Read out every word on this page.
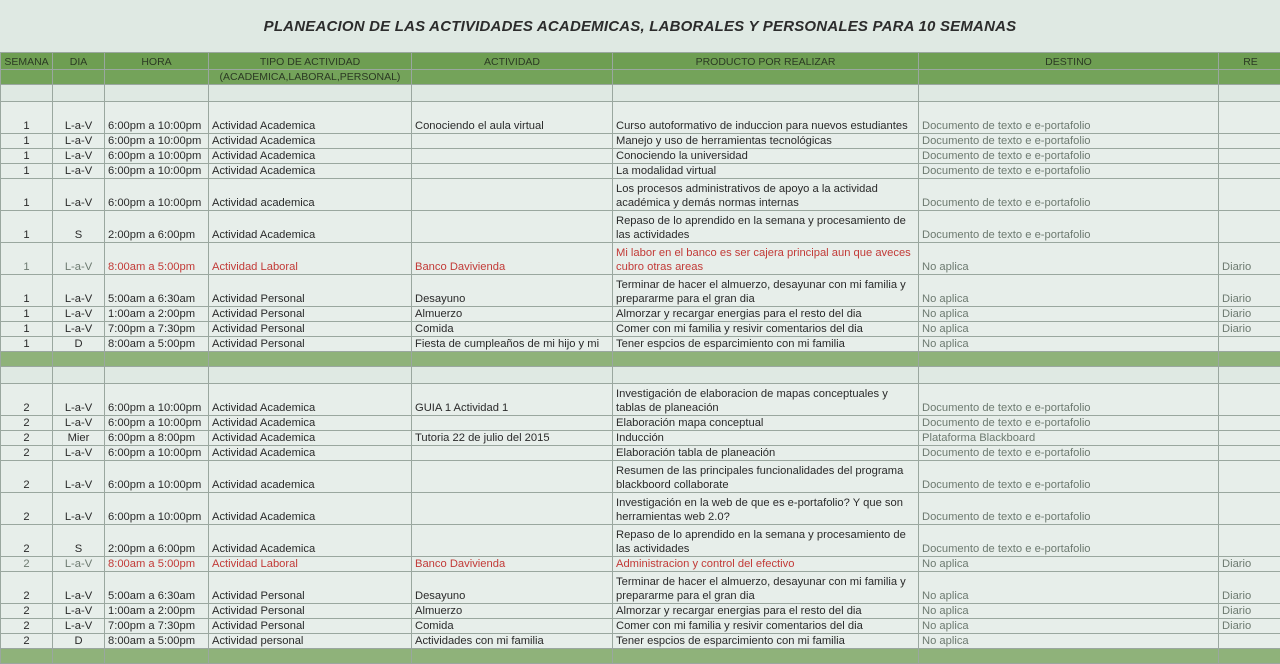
PLANEACION DE LAS ACTIVIDADES ACADEMICAS, LABORALES Y PERSONALES PARA 10 SEMANAS
SEMANA	DIA	HORA	TIPO DE ACTIVIDAD	ACTIVIDAD	PRODUCTO POR REALIZAR	DESTINO	RE
			(ACADEMICA,LABORAL,PERSONAL)				

1	L-a-V	6:00pm a 10:00pm	Actividad Academica	Conociendo el aula virtual	Curso autoformativo de induccion para nuevos estudiantes	Documento de texto e e-portafolio	
1	L-a-V	6:00pm a 10:00pm	Actividad Academica		Manejo y uso de herramientas tecnológicas	Documento de texto e e-portafolio	
1	L-a-V	6:00pm a 10:00pm	Actividad Academica		Conociendo la universidad	Documento de texto e e-portafolio	
1	L-a-V	6:00pm a 10:00pm	Actividad Academica		La modalidad virtual	Documento de texto e e-portafolio	
1	L-a-V	6:00pm a 10:00pm	Actividad academica		Los procesos administrativos de apoyo a la actividad académica y demás normas internas	Documento de texto e e-portafolio	
1	S	2:00pm a 6:00pm	Actividad Academica		Repaso de lo aprendido en la semana y procesamiento de las actividades	Documento de texto e e-portafolio	
1	L-a-V	8:00am a 5:00pm	Actividad Laboral	Banco Davivienda	Mi labor en el banco es ser cajera principal aun que aveces cubro otras areas	No aplica	Diario
1	L-a-V	5:00am a 6:30am	Actividad Personal	Desayuno	Terminar de hacer el almuerzo, desayunar con mi familia y prepararme para el gran dia	No aplica	Diario
1	L-a-V	1:00am a 2:00pm	Actividad Personal	Almuerzo	Almorzar y recargar energias para el resto del dia	No aplica	Diario
1	L-a-V	7:00pm a 7:30pm	Actividad Personal	Comida	Comer con mi familia y resivir comentarios del dia	No aplica	Diario
1	D	8:00am a 5:00pm	Actividad Personal	Fiesta de cumpleaños de mi hijo y mi	Tener espcios de esparcimiento con mi familia	No aplica	

2	L-a-V	6:00pm a 10:00pm	Actividad Academica	GUIA 1 Actividad 1	Investigación de elaboracion de mapas conceptuales y tablas de planeación	Documento de texto e e-portafolio	
2	L-a-V	6:00pm a 10:00pm	Actividad Academica		Elaboración mapa conceptual	Documento de texto e e-portafolio	
2	Mier	6:00pm a 8:00pm	Actividad Academica	Tutoria 22 de julio del 2015	Inducción	Plataforma Blackboard	
2	L-a-V	6:00pm a 10:00pm	Actividad Academica		Elaboración tabla de planeación	Documento de texto e e-portafolio	
2	L-a-V	6:00pm a 10:00pm	Actividad academica		Resumen de las principales funcionalidades del programa blackboord collaborate	Documento de texto e e-portafolio	
2	L-a-V	6:00pm a 10:00pm	Actividad Academica		Investigación en la web de que es e-portafolio? Y que son herramientas web 2.0?	Documento de texto e e-portafolio	
2	S	2:00pm a 6:00pm	Actividad Academica		Repaso de lo aprendido en la semana y procesamiento de las actividades	Documento de texto e e-portafolio	
2	L-a-V	8:00am a 5:00pm	Actividad Laboral	Banco Davivienda	Administracion y control del efectivo	No aplica	Diario
2	L-a-V	5:00am a 6:30am	Actividad Personal	Desayuno	Terminar de hacer el almuerzo, desayunar con mi familia y prepararme para el gran dia	No aplica	Diario
2	L-a-V	1:00am a 2:00pm	Actividad Personal	Almuerzo	Almorzar y recargar energias para el resto del dia	No aplica	Diario
2	L-a-V	7:00pm a 7:30pm	Actividad Personal	Comida	Comer con mi familia y resivir comentarios del dia	No aplica	Diario
2	D	8:00am a 5:00pm	Actividad personal	Actividades con mi familia	Tener espcios de esparcimiento con mi familia	No aplica	
